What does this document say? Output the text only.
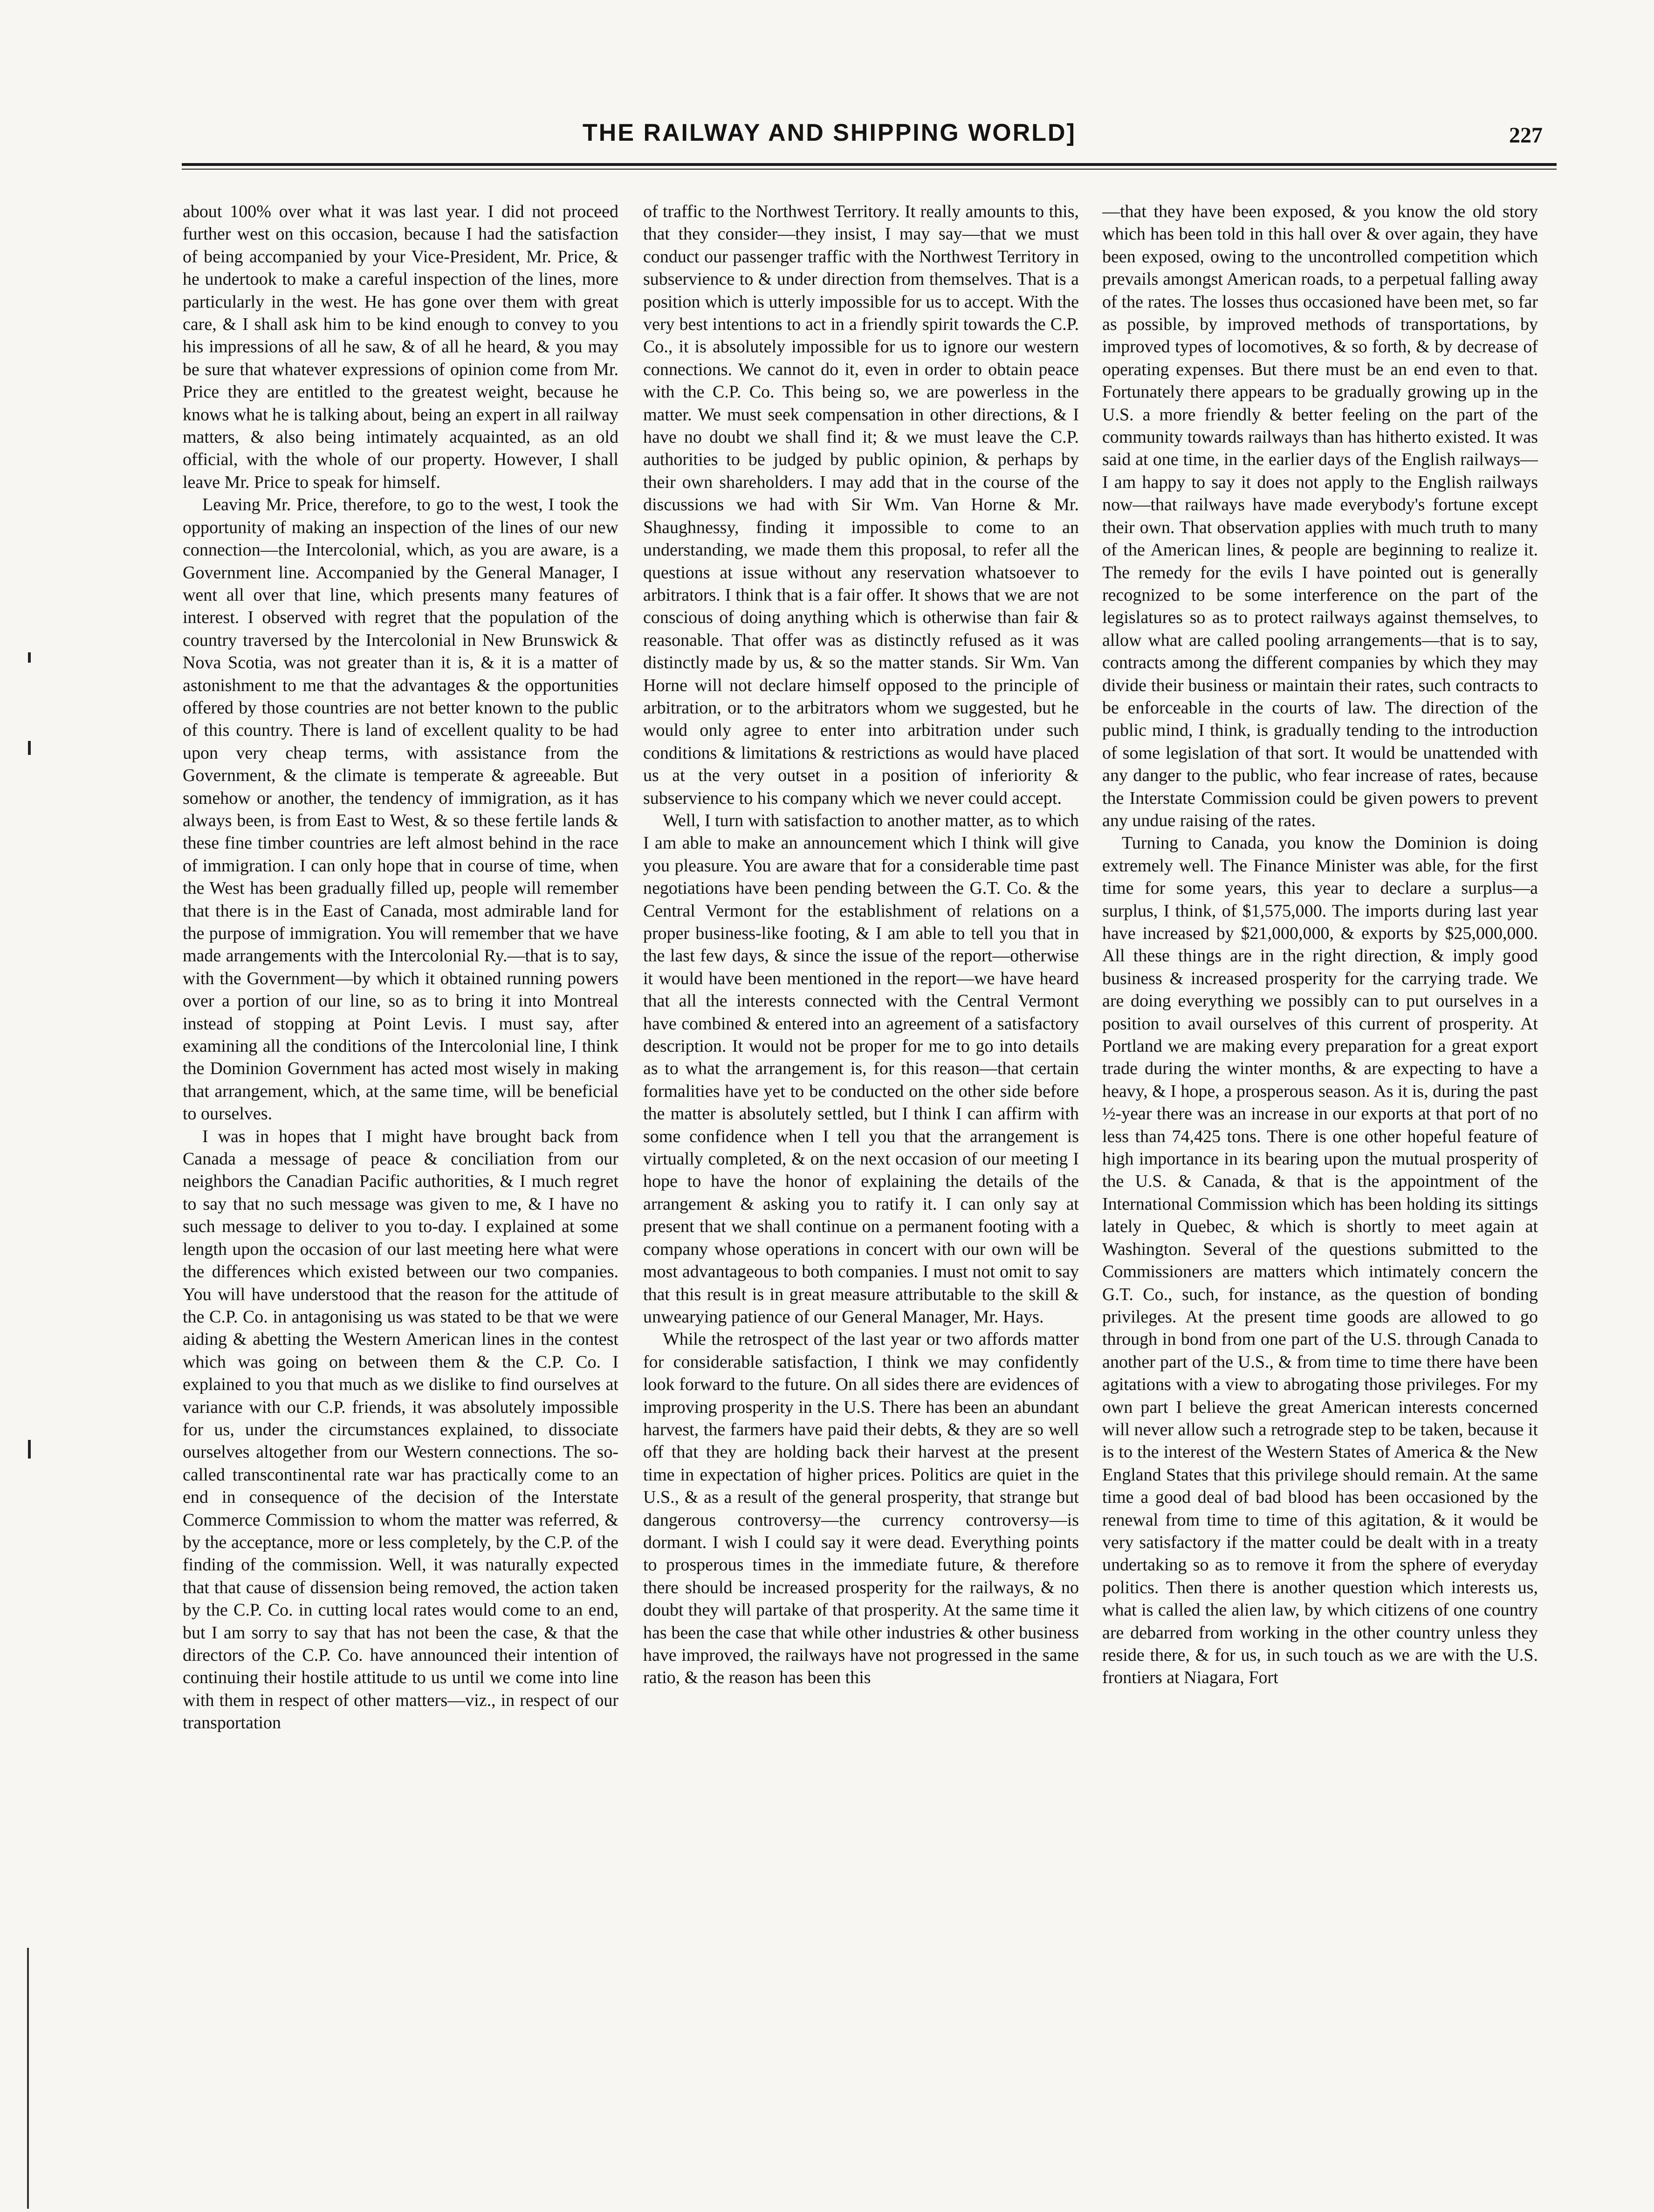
THE RAILWAY AND SHIPPING WORLD]	227

about 100% over what it was last year. I did not proceed further west on this occasion, because I had the satisfaction of being accompanied by your Vice-President, Mr. Price, & he undertook to make a careful inspection of the lines, more particularly in the west. He has gone over them with great care, & I shall ask him to be kind enough to convey to you his impressions of all he saw, & of all he heard, & you may be sure that whatever expressions of opinion come from Mr. Price they are entitled to the greatest weight, because he knows what he is talking about, being an expert in all railway matters, & also being intimately acquainted, as an old official, with the whole of our property. However, I shall leave Mr. Price to speak for himself.

Leaving Mr. Price, therefore, to go to the west, I took the opportunity of making an inspection of the lines of our new connection—the Intercolonial, which, as you are aware, is a Government line. Accompanied by the General Manager, I went all over that line, which presents many features of interest. I observed with regret that the population of the country traversed by the Intercolonial in New Brunswick & Nova Scotia, was not greater than it is, & it is a matter of astonishment to me that the advantages & the opportunities offered by those countries are not better known to the public of this country. There is land of excellent quality to be had upon very cheap terms, with assistance from the Government, & the climate is temperate & agreeable. But somehow or another, the tendency of immigration, as it has always been, is from East to West, & so these fertile lands & these fine timber countries are left almost behind in the race of immigration. I can only hope that in course of time, when the West has been gradually filled up, people will remember that there is in the East of Canada, most admirable land for the purpose of immigration. You will remember that we have made arrangements with the Intercolonial Ry.—that is to say, with the Government—by which it obtained running powers over a portion of our line, so as to bring it into Montreal instead of stopping at Point Levis. I must say, after examining all the conditions of the Intercolonial line, I think the Dominion Government has acted most wisely in making that arrangement, which, at the same time, will be beneficial to ourselves.

I was in hopes that I might have brought back from Canada a message of peace & conciliation from our neighbors the Canadian Pacific authorities, & I much regret to say that no such message was given to me, & I have no such message to deliver to you to-day. I explained at some length upon the occasion of our last meeting here what were the differences which existed between our two companies. You will have understood that the reason for the attitude of the C.P. Co. in antagonising us was stated to be that we were aiding & abetting the Western American lines in the contest which was going on between them & the C.P. Co. I explained to you that much as we dislike to find ourselves at variance with our C.P. friends, it was absolutely impossible for us, under the circumstances explained, to dissociate ourselves altogether from our Western connections. The so-called transcontinental rate war has practically come to an end in consequence of the decision of the Interstate Commerce Commission to whom the matter was referred, & by the acceptance, more or less completely, by the C.P. of the finding of the commission. Well, it was naturally expected that that cause of dissension being removed, the action taken by the C.P. Co. in cutting local rates would come to an end, but I am sorry to say that has not been the case, & that the directors of the C.P. Co. have announced their intention of continuing their hostile attitude to us until we come into line with them in respect of other matters—viz., in respect of our transportation

of traffic to the Northwest Territory. It really amounts to this, that they consider—they insist, I may say—that we must conduct our passenger traffic with the Northwest Territory in subservience to & under direction from themselves. That is a position which is utterly impossible for us to accept. With the very best intentions to act in a friendly spirit towards the C.P. Co., it is absolutely impossible for us to ignore our western connections. We cannot do it, even in order to obtain peace with the C.P. Co. This being so, we are powerless in the matter. We must seek compensation in other directions, & I have no doubt we shall find it; & we must leave the C.P. authorities to be judged by public opinion, & perhaps by their own shareholders. I may add that in the course of the discussions we had with Sir Wm. Van Horne & Mr. Shaughnessy, finding it impossible to come to an understanding, we made them this proposal, to refer all the questions at issue without any reservation whatsoever to arbitrators. I think that is a fair offer. It shows that we are not conscious of doing anything which is otherwise than fair & reasonable. That offer was as distinctly refused as it was distinctly made by us, & so the matter stands. Sir Wm. Van Horne will not declare himself opposed to the principle of arbitration, or to the arbitrators whom we suggested, but he would only agree to enter into arbitration under such conditions & limitations & restrictions as would have placed us at the very outset in a position of inferiority & subservience to his company which we never could accept.

Well, I turn with satisfaction to another matter, as to which I am able to make an announcement which I think will give you pleasure. You are aware that for a considerable time past negotiations have been pending between the G.T. Co. & the Central Vermont for the establishment of relations on a proper business-like footing, & I am able to tell you that in the last few days, & since the issue of the report—otherwise it would have been mentioned in the report—we have heard that all the interests connected with the Central Vermont have combined & entered into an agreement of a satisfactory description. It would not be proper for me to go into details as to what the arrangement is, for this reason—that certain formalities have yet to be conducted on the other side before the matter is absolutely settled, but I think I can affirm with some confidence when I tell you that the arrangement is virtually completed, & on the next occasion of our meeting I hope to have the honor of explaining the details of the arrangement & asking you to ratify it. I can only say at present that we shall continue on a permanent footing with a company whose operations in concert with our own will be most advantageous to both companies. I must not omit to say that this result is in great measure attributable to the skill & unwearying patience of our General Manager, Mr. Hays.

While the retrospect of the last year or two affords matter for considerable satisfaction, I think we may confidently look forward to the future. On all sides there are evidences of improving prosperity in the U.S. There has been an abundant harvest, the farmers have paid their debts, & they are so well off that they are holding back their harvest at the present time in expectation of higher prices. Politics are quiet in the U.S., & as a result of the general prosperity, that strange but dangerous controversy—the currency controversy—is dormant. I wish I could say it were dead. Everything points to prosperous times in the immediate future, & therefore there should be increased prosperity for the railways, & no doubt they will partake of that prosperity. At the same time it has been the case that while other industries & other business have improved, the railways have not progressed in the same ratio, & the reason has been this

—that they have been exposed, & you know the old story which has been told in this hall over & over again, they have been exposed, owing to the uncontrolled competition which prevails amongst American roads, to a perpetual falling away of the rates. The losses thus occasioned have been met, so far as possible, by improved methods of transportations, by improved types of locomotives, & so forth, & by decrease of operating expenses. But there must be an end even to that. Fortunately there appears to be gradually growing up in the U.S. a more friendly & better feeling on the part of the community towards railways than has hitherto existed. It was said at one time, in the earlier days of the English railways—I am happy to say it does not apply to the English railways now—that railways have made everybody's fortune except their own. That observation applies with much truth to many of the American lines, & people are beginning to realize it. The remedy for the evils I have pointed out is generally recognized to be some interference on the part of the legislatures so as to protect railways against themselves, to allow what are called pooling arrangements—that is to say, contracts among the different companies by which they may divide their business or maintain their rates, such contracts to be enforceable in the courts of law. The direction of the public mind, I think, is gradually tending to the introduction of some legislation of that sort. It would be unattended with any danger to the public, who fear increase of rates, because the Interstate Commission could be given powers to prevent any undue raising of the rates.

Turning to Canada, you know the Dominion is doing extremely well. The Finance Minister was able, for the first time for some years, this year to declare a surplus—a surplus, I think, of $1,575,000. The imports during last year have increased by $21,000,000, & exports by $25,000,000. All these things are in the right direction, & imply good business & increased prosperity for the carrying trade. We are doing everything we possibly can to put ourselves in a position to avail ourselves of this current of prosperity. At Portland we are making every preparation for a great export trade during the winter months, & are expecting to have a heavy, & I hope, a prosperous season. As it is, during the past ½-year there was an increase in our exports at that port of no less than 74,425 tons. There is one other hopeful feature of high importance in its bearing upon the mutual prosperity of the U.S. & Canada, & that is the appointment of the International Commission which has been holding its sittings lately in Quebec, & which is shortly to meet again at Washington. Several of the questions submitted to the Commissioners are matters which intimately concern the G.T. Co., such, for instance, as the question of bonding privileges. At the present time goods are allowed to go through in bond from one part of the U.S. through Canada to another part of the U.S., & from time to time there have been agitations with a view to abrogating those privileges. For my own part I believe the great American interests concerned will never allow such a retrograde step to be taken, because it is to the interest of the Western States of America & the New England States that this privilege should remain. At the same time a good deal of bad blood has been occasioned by the renewal from time to time of this agitation, & it would be very satisfactory if the matter could be dealt with in a treaty undertaking so as to remove it from the sphere of everyday politics. Then there is another question which interests us, what is called the alien law, by which citizens of one country are debarred from working in the other country unless they reside there, & for us, in such touch as we are with the U.S. frontiers at Niagara, Fort
